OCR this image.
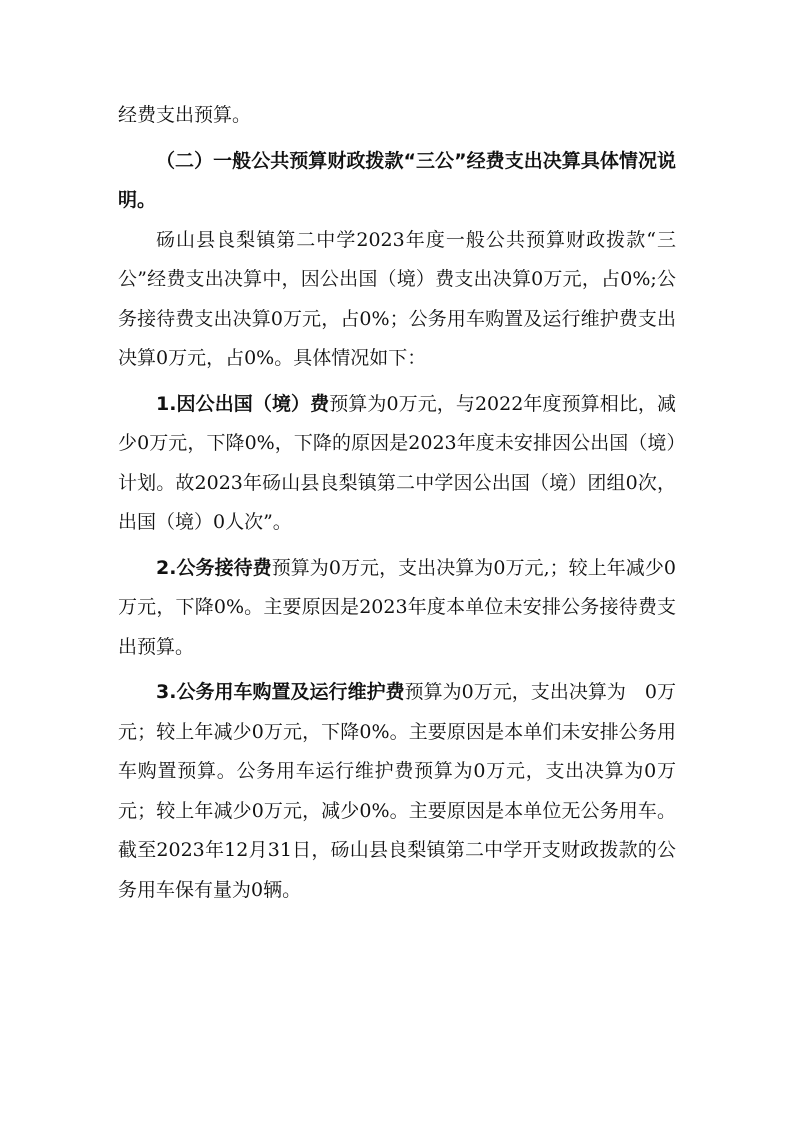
经费支出预算。

（二）一般公共预算财政拨款“三公”经费支出决算具体情况说明。

砀山县良梨镇第二中学2023年度一般公共预算财政拨款“三公”经费支出决算中，因公出国（境）费支出决算0万元，占0%;公务接待费支出决算0万元，占0%；公务用车购置及运行维护费支出决算0万元，占0%。具体情况如下：

1.因公出国（境）费预算为0万元，与2022年度预算相比，减少0万元，下降0%，下降的原因是2023年度未安排因公出国（境）计划。故2023年砀山县良梨镇第二中学因公出国（境）团组0次，出国（境）0人次”。

2.公务接待费预算为0万元，支出决算为0万元,；较上年减少0万元，下降0%。主要原因是2023年度本单位未安排公务接待费支出预算。

3.公务用车购置及运行维护费预算为0万元，支出决算为　0万元；较上年减少0万元，下降0%。主要原因是本单们未安排公务用车购置预算。公务用车运行维护费预算为0万元，支出决算为0万元；较上年减少0万元，减少0%。主要原因是本单位无公务用车。截至2023年12月31日，砀山县良梨镇第二中学开支财政拨款的公务用车保有量为0辆。
